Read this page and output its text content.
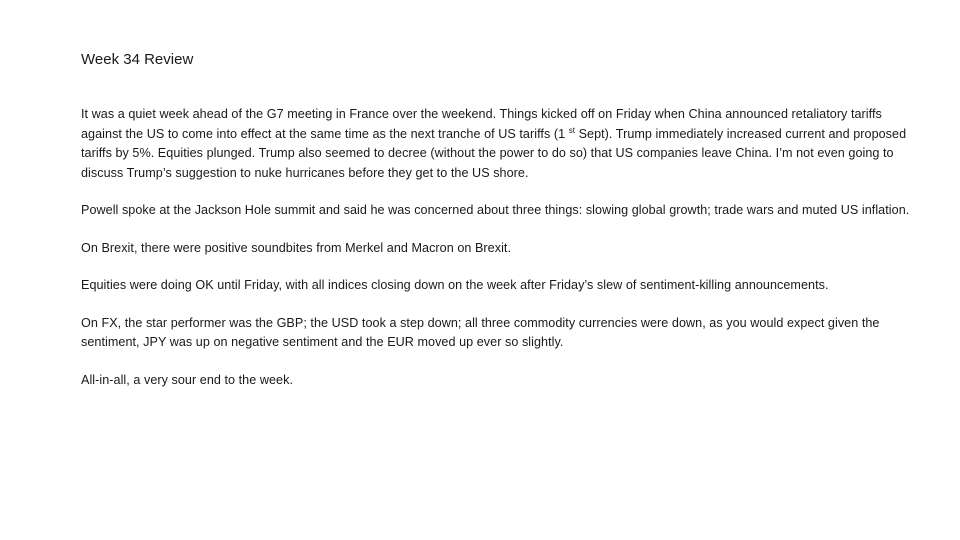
Week 34 Review

It was a quiet week ahead of the G7 meeting in France over the weekend. Things kicked off on Friday when China announced retaliatory tariffs against the US to come into effect at the same time as the next tranche of US tariffs (1 $^{st}$ Sept). Trump immediately increased current and proposed tariffs by 5%. Equities plunged. Trump also seemed to decree (without the power to do so) that US companies leave China. I’m not even going to discuss Trump’s suggestion to nuke hurricanes before they get to the US shore.

Powell spoke at the Jackson Hole summit and said he was concerned about three things: slowing global growth; trade wars and muted US inflation.

On Brexit, there were positive soundbites from Merkel and Macron on Brexit.

Equities were doing OK until Friday, with all indices closing down on the week after Friday’s slew of sentiment-killing announcements.

On FX, the star performer was the GBP; the USD took a step down; all three commodity currencies were down, as you would expect given the sentiment, JPY was up on negative sentiment and the EUR moved up ever so slightly.

All-in-all, a very sour end to the week.
